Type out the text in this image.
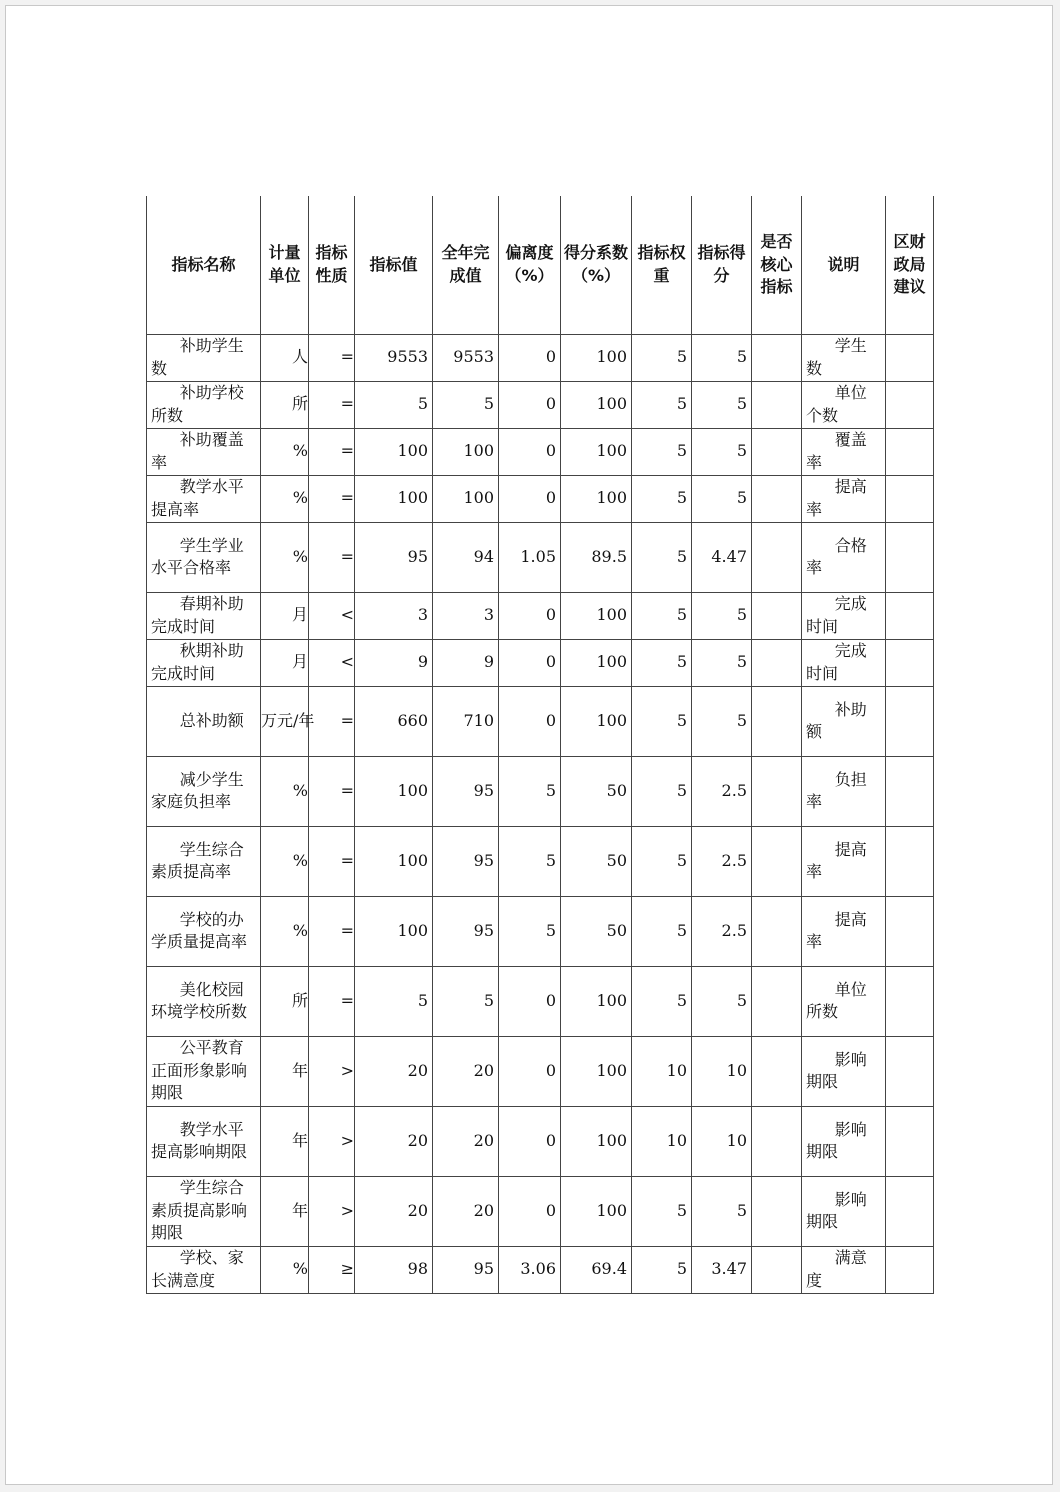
指标名称	计量单位	指标性质	指标值	全年完成值	偏离度（%）	得分系数（%）	指标权重	指标得分	是否核心指标	说明	区财政局建议
补助学生数	人	=	9553	9553	0	100	5	5		学生数	
补助学校所数	所	=	5	5	0	100	5	5		单位个数	
补助覆盖率	%	=	100	100	0	100	5	5		覆盖率	
教学水平提高率	%	=	100	100	0	100	5	5		提高率	
学生学业水平合格率	%	=	95	94	1.05	89.5	5	4.47		合格率	
春期补助完成时间	月	<	3	3	0	100	5	5		完成时间	
秋期补助完成时间	月	<	9	9	0	100	5	5		完成时间	
总补助额	万元/年	=	660	710	0	100	5	5		补助额	
减少学生家庭负担率	%	=	100	95	5	50	5	2.5		负担率	
学生综合素质提高率	%	=	100	95	5	50	5	2.5		提高率	
学校的办学质量提高率	%	=	100	95	5	50	5	2.5		提高率	
美化校园环境学校所数	所	=	5	5	0	100	5	5		单位所数	
公平教育正面形象影响期限	年	>	20	20	0	100	10	10		影响期限	
教学水平提高影响期限	年	>	20	20	0	100	10	10		影响期限	
学生综合素质提高影响期限	年	>	20	20	0	100	5	5		影响期限	
学校、家长满意度	%	≥	98	95	3.06	69.4	5	3.47		满意度	
